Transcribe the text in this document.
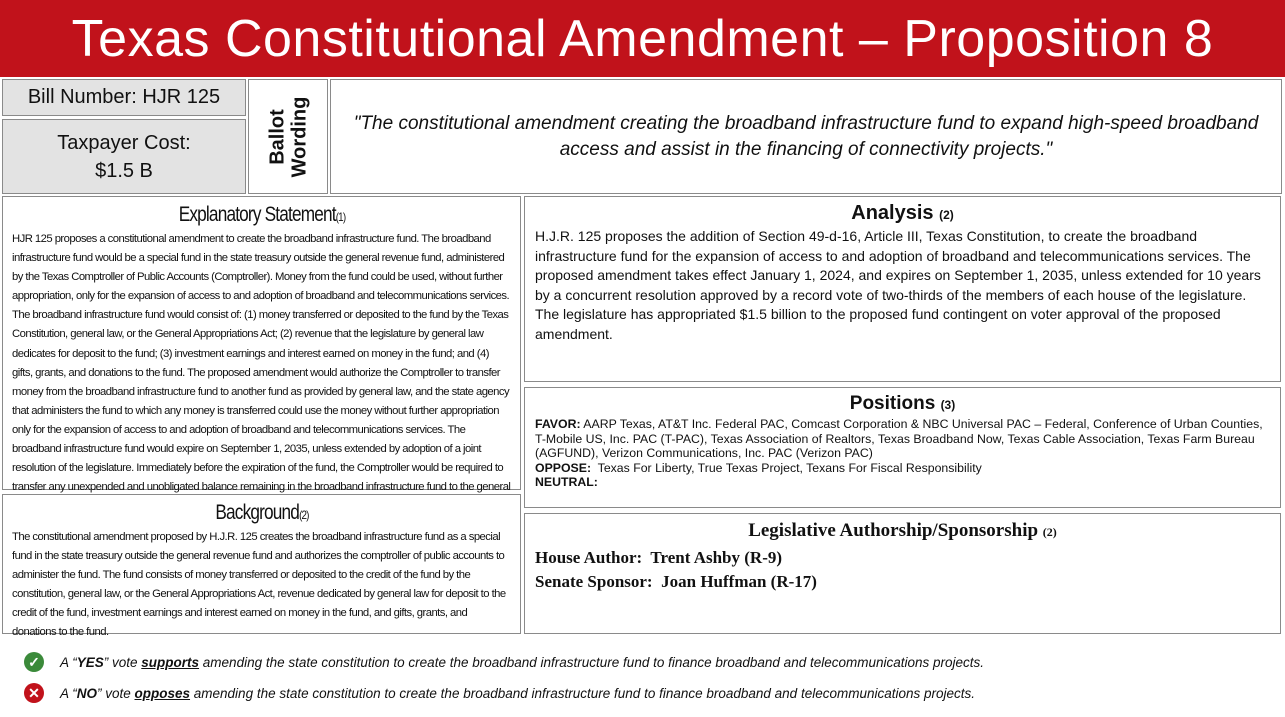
Texas Constitutional Amendment – Proposition 8
Bill Number: HJR 125
Taxpayer Cost:
$1.5 B
Ballot Wording	"The constitutional amendment creating the broadband infrastructure fund to expand high-speed broadband access and assist in the financing of connectivity projects."
Explanatory Statement(1)
HJR 125 proposes a constitutional amendment to create the broadband infrastructure fund. The broadband infrastructure fund would be a special fund in the state treasury outside the general revenue fund, administered by the Texas Comptroller of Public Accounts (Comptroller). Money from the fund could be used, without further appropriation, only for the expansion of access to and adoption of broadband and telecommunications services. The broadband infrastructure fund would consist of: (1) money transferred or deposited to the fund by the Texas Constitution, general law, or the General Appropriations Act; (2) revenue that the legislature by general law dedicates for deposit to the fund; (3) investment earnings and interest earned on money in the fund; and (4) gifts, grants, and donations to the fund. The proposed amendment would authorize the Comptroller to transfer money from the broadband infrastructure fund to another fund as provided by general law, and the state agency that administers the fund to which any money is transferred could use the money without further appropriation only for the expansion of access to and adoption of broadband and telecommunications services. The broadband infrastructure fund would expire on September 1, 2035, unless extended by adoption of a joint resolution of the legislature. Immediately before the expiration of the fund, the Comptroller would be required to transfer any unexpended and unobligated balance remaining in the broadband infrastructure fund to the general
Background(2)
The constitutional amendment proposed by H.J.R. 125 creates the broadband infrastructure fund as a special fund in the state treasury outside the general revenue fund and authorizes the comptroller of public accounts to administer the fund. The fund consists of money transferred or deposited to the credit of the fund by the constitution, general law, or the General Appropriations Act, revenue dedicated by general law for deposit to the credit of the fund, investment earnings and interest earned on money in the fund, and gifts, grants, and donations to the fund.
Analysis (2)
H.J.R. 125 proposes the addition of Section 49-d-16, Article III, Texas Constitution, to create the broadband infrastructure fund for the expansion of access to and adoption of broadband and telecommunications services. The proposed amendment takes effect January 1, 2024, and expires on September 1, 2035, unless extended for 10 years by a concurrent resolution approved by a record vote of two-thirds of the members of each house of the legislature. The legislature has appropriated $1.5 billion to the proposed fund contingent on voter approval of the proposed amendment.
Positions (3)
FAVOR: AARP Texas, AT&T Inc. Federal PAC, Comcast Corporation & NBC Universal PAC – Federal, Conference of Urban Counties, T-Mobile US, Inc. PAC (T-PAC), Texas Association of Realtors, Texas Broadband Now, Texas Cable Association, Texas Farm Bureau (AGFUND), Verizon Communications, Inc. PAC (Verizon PAC)
OPPOSE: Texas For Liberty, True Texas Project, Texans For Fiscal Responsibility
NEUTRAL:
Legislative Authorship/Sponsorship (2)
House Author: Trent Ashby (R-9)
Senate Sponsor: Joan Huffman (R-17)
✓	A “YES” vote supports amending the state constitution to create the broadband infrastructure fund to finance broadband and telecommunications projects.
✕	A “NO” vote opposes amending the state constitution to create the broadband infrastructure fund to finance broadband and telecommunications projects.
